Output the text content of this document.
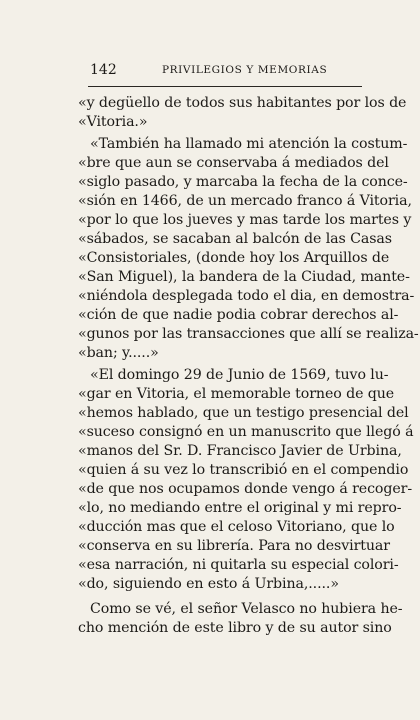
142	PRIVILEGIOS Y MEMORIAS
«y degüello de todos sus habitantes por los de
«Vitoria.»
«También ha llamado mi atención la costum-
«bre que aun se conservaba á mediados del
«siglo pasado, y marcaba la fecha de la conce-
«sión en 1466, de un mercado franco á Vitoria,
«por lo que los jueves y mas tarde los martes y
«sábados, se sacaban al balcón de las Casas
«Consistoriales, (donde hoy los Arquillos de
«San Miguel), la bandera de la Ciudad, mante-
«niéndola desplegada todo el dia, en demostra-
«ción de que nadie podia cobrar derechos al-
«gunos por las transacciones que allí se realiza-
«ban; y.....»
«El domingo 29 de Junio de 1569, tuvo lu-
«gar en Vitoria, el memorable torneo de que
«hemos hablado, que un testigo presencial del
«suceso consignó en un manuscrito que llegó á
«manos del Sr. D. Francisco Javier de Urbina,
«quien á su vez lo transcribió en el compendio
«de que nos ocupamos donde vengo á recoger-
«lo, no mediando entre el original y mi repro-
«ducción mas que el celoso Vitoriano, que lo
«conserva en su librería. Para no desvirtuar
«esa narración, ni quitarla su especial colori-
«do, siguiendo en esto á Urbina,.....»
Como se vé, el señor Velasco no hubiera he-
cho mención de este libro y de su autor sino
